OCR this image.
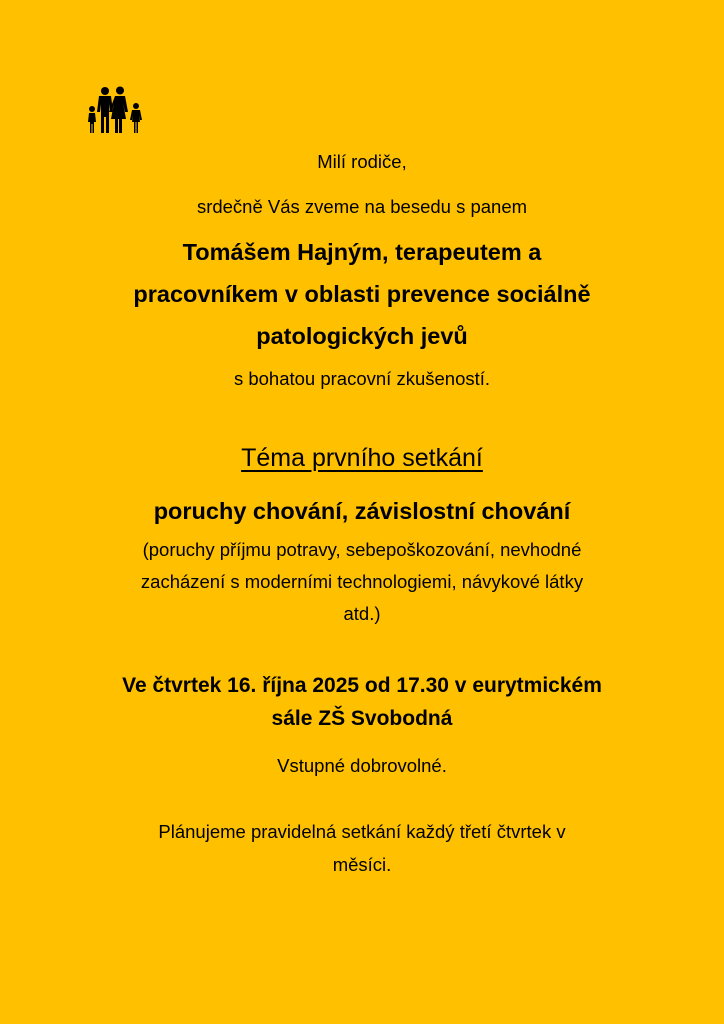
Milí rodiče,
srdečně Vás zveme na besedu s panem
Tomášem Hajným, terapeutem a
pracovníkem v oblasti prevence sociálně
patologických jevů
s bohatou pracovní zkušeností.
Téma prvního setkání
poruchy chování, závislostní chování
(poruchy příjmu potravy, sebepoškozování, nevhodné
zacházení s moderními technologiemi, návykové látky
atd.)
Ve čtvrtek 16. října 2025 od 17.30 v eurytmickém
sále ZŠ Svobodná
Vstupné dobrovolné.
Plánujeme pravidelná setkání každý třetí čtvrtek v
měsíci.
